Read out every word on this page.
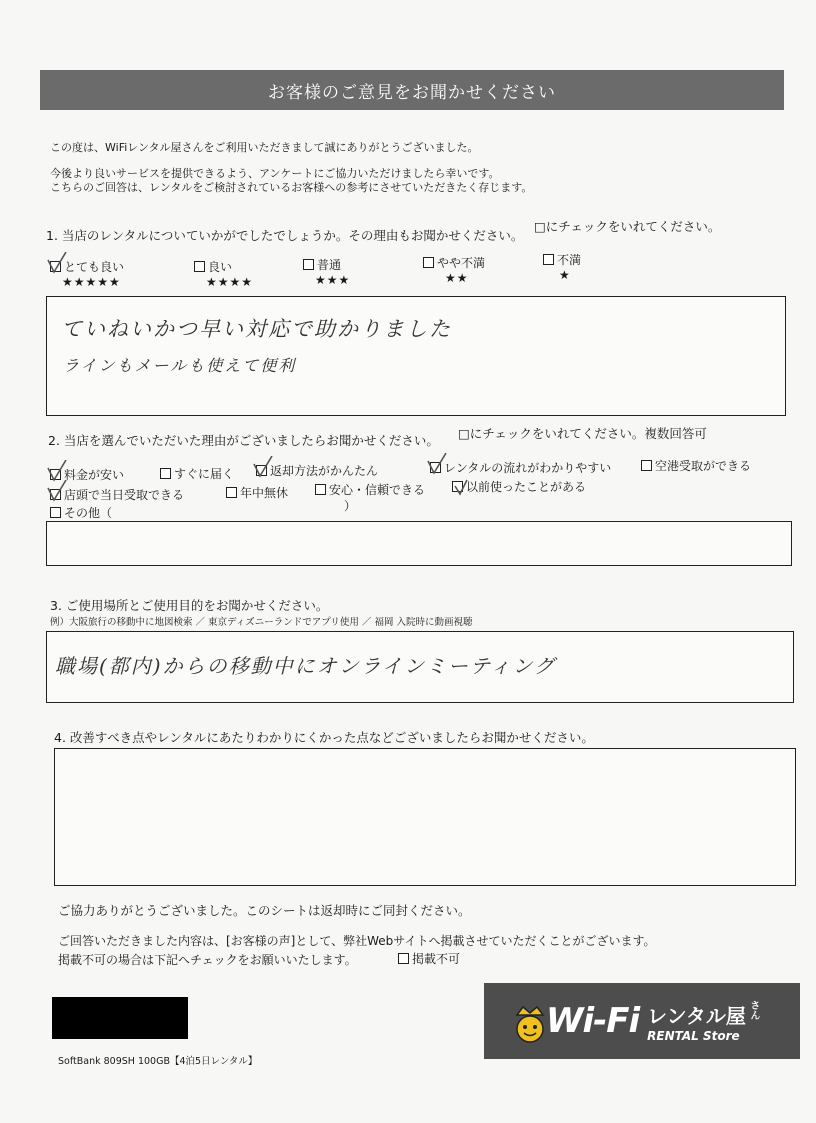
お客様のご意見をお聞かせください
この度は、WiFiレンタル屋さんをご利用いただきまして誠にありがとうございました。
今後より良いサービスを提供できるよう、アンケートにご協力いただけましたら幸いです。
こちらのご回答は、レンタルをご検討されているお客様への参考にさせていただきたく存じます。
1. 当店のレンタルについていかがでしたでしょうか。その理由もお聞かせください。
□にチェックをいれてください。
とても良い
★★★★★
良い
★★★★
普通
★★★
やや不満
★★
不満
★
ていねいかつ早い対応で助かりました
ラインもメールも使えて便利
2. 当店を選んでいただいた理由がございましたらお聞かせください。 □にチェックをいれてください。複数回答可
料金が安い	すぐに届く	返却方法がかんたん	レンタルの流れがわかりやすい	空港受取ができる
店頭で当日受取できる	年中無休	安心・信頼できる	以前使ったことがある
その他（	）
3. ご使用場所とご使用目的をお聞かせください。
例）大阪旅行の移動中に地図検索 ／ 東京ディズニーランドでアプリ使用 ／ 福岡 入院時に動画視聴
職場(都内)からの移動中にオンラインミーティング
4. 改善すべき点やレンタルにあたりわかりにくかった点などございましたらお聞かせください。
ご協力ありがとうございました。このシートは返却時にご同封ください。
ご回答いただきました内容は、[お客様の声]として、弊社Webサイトへ掲載させていただくことがございます。
掲載不可の場合は下記へチェックをお願いいたします。	掲載不可
SoftBank 809SH 100GB【4泊5日レンタル】
Wi-Fi レンタル屋 さん
RENTAL Store
